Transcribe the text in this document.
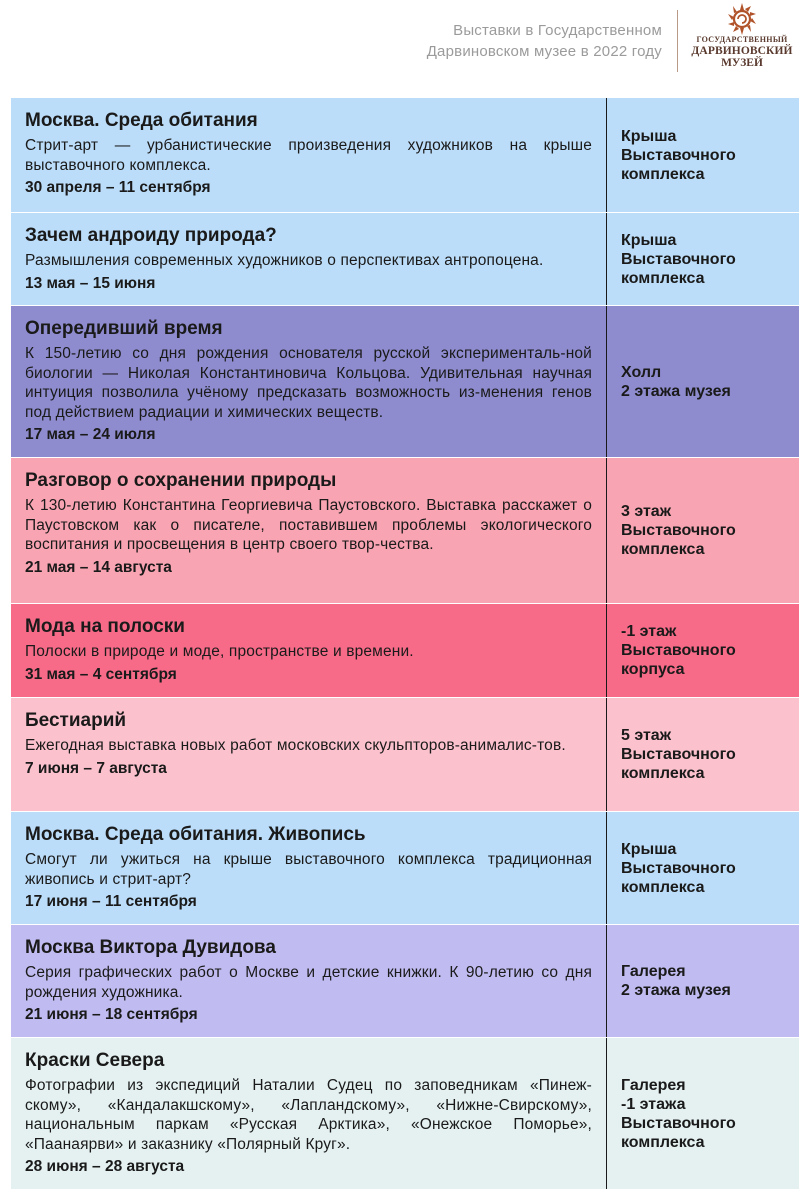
Выставки в Государственном
Дарвиновском музее в 2022 году
ГОСУДАРСТВЕННЫЙ
ДАРВИНОВСКИЙ
МУЗЕЙ
Москва. Среда обитания
Стрит-арт — урбанистические произведения художников на крыше выставочного комплекса.
30 апреля – 11 сентября
Крыша
Выставочного
комплекса
Зачем андроиду природа?
Размышления современных художников о перспективах антропоцена.
13 мая – 15 июня
Крыша
Выставочного
комплекса
Опередивший время
К 150-летию со дня рождения основателя русской эксперименталь-ной биологии — Николая Константиновича Кольцова. Удивительная научная интуиция позволила учёному предсказать возможность из-менения генов под действием радиации и химических веществ.
17 мая – 24 июля
Холл
2 этажа музея
Разговор о сохранении природы
К 130-летию Константина Георгиевича Паустовского. Выставка расскажет о Паустовском как о писателе, поставившем проблемы экологического воспитания и просвещения в центр своего твор-чества.
21 мая – 14 августа
3 этаж
Выставочного
комплекса
Мода на полоски
Полоски в природе и моде, пространстве и времени.
31 мая – 4 сентября
-1 этаж
Выставочного
корпуса
Бестиарий
Ежегодная выставка новых работ московских скульпторов-анималис-тов.
7 июня – 7 августа
5 этаж
Выставочного
комплекса
Москва. Среда обитания. Живопись
Смогут ли ужиться на крыше выставочного комплекса традиционная живопись и стрит-арт?
17 июня – 11 сентября
Крыша
Выставочного
комплекса
Москва Виктора Дувидова
Серия графических работ о Москве и детские книжки. К 90-летию со дня рождения художника.
21 июня – 18 сентября
Галерея
2 этажа музея
Краски Севера
Фотографии из экспедиций Наталии Судец по заповедникам «Пинеж-скому», «Кандалакшскому», «Лапландскому», «Нижне-Свирскому», национальным паркам «Русская Арктика», «Онежское Поморье», «Паанаярви» и заказнику «Полярный Круг».
28 июня – 28 августа
Галерея
-1 этажа
Выставочного
комплекса
